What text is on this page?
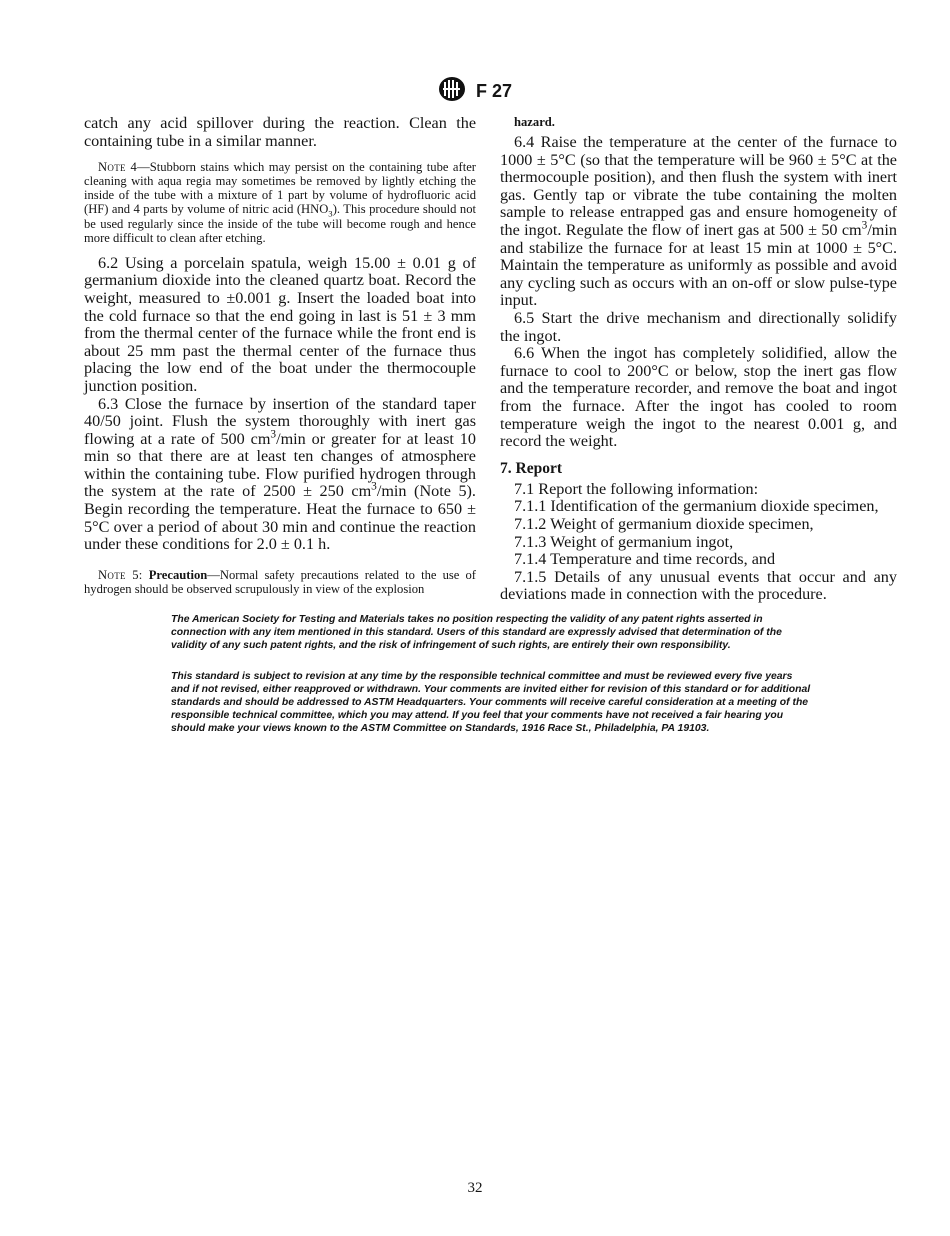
F 27

catch any acid spillover during the reaction. Clean the containing tube in a similar manner.

Note 4—Stubborn stains which may persist on the containing tube after cleaning with aqua regia may sometimes be removed by lightly etching the inside of the tube with a mixture of 1 part by volume of hydrofluoric acid (HF) and 4 parts by volume of nitric acid $(HNO_3)$. This procedure should not be used regularly since the inside of the tube will become rough and hence more difficult to clean after etching.

6.2 Using a porcelain spatula, weigh 15.00 ± 0.01 g of germanium dioxide into the cleaned quartz boat. Record the weight, measured to ±0.001 g. Insert the loaded boat into the cold furnace so that the end going in last is 51 ± 3 mm from the thermal center of the furnace while the front end is about 25 mm past the thermal center of the furnace thus placing the low end of the boat under the thermocouple junction position.

6.3 Close the furnace by insertion of the standard taper 40/50 joint. Flush the system thoroughly with inert gas flowing at a rate of 500 $cm^3/\min$ or greater for at least 10 min so that there are at least ten changes of atmosphere within the containing tube. Flow purified hydrogen through the system at the rate of 2500 ± 250 $cm^3/\min$ (Note 5). Begin recording the temperature. Heat the furnace to 650 ± 5°C over a period of about 30 min and continue the reaction under these conditions for 2.0 ± 0.1 h.

Note 5: Precaution—Normal safety precautions related to the use of hydrogen should be observed scrupulously in view of the explosion

hazard.

6.4 Raise the temperature at the center of the furnace to 1000 ± 5°C (so that the temperature will be 960 ± 5°C at the thermocouple position), and then flush the system with inert gas. Gently tap or vibrate the tube containing the molten sample to release entrapped gas and ensure homogeneity of the ingot. Regulate the flow of inert gas at 500 ± 50 $cm^3/\min$ and stabilize the furnace for at least 15 min at 1000 ± 5°C. Maintain the temperature as uniformly as possible and avoid any cycling such as occurs with an on-off or slow pulse-type input.

6.5 Start the drive mechanism and directionally solidify the ingot.

6.6 When the ingot has completely solidified, allow the furnace to cool to 200°C or below, stop the inert gas flow and the temperature recorder, and remove the boat and ingot from the furnace. After the ingot has cooled to room temperature weigh the ingot to the nearest 0.001 g, and record the weight.

7. Report

7.1 Report the following information:

7.1.1 Identification of the germanium dioxide specimen,

7.1.2 Weight of germanium dioxide specimen,

7.1.3 Weight of germanium ingot,

7.1.4 Temperature and time records, and

7.1.5 Details of any unusual events that occur and any deviations made in connection with the procedure.

The American Society for Testing and Materials takes no position respecting the validity of any patent rights asserted in connection with any item mentioned in this standard. Users of this standard are expressly advised that determination of the validity of any such patent rights, and the risk of infringement of such rights, are entirely their own responsibility.

This standard is subject to revision at any time by the responsible technical committee and must be reviewed every five years and if not revised, either reapproved or withdrawn. Your comments are invited either for revision of this standard or for additional standards and should be addressed to ASTM Headquarters. Your comments will receive careful consideration at a meeting of the responsible technical committee, which you may attend. If you feel that your comments have not received a fair hearing you should make your views known to the ASTM Committee on Standards, 1916 Race St., Philadelphia, PA 19103.

32
